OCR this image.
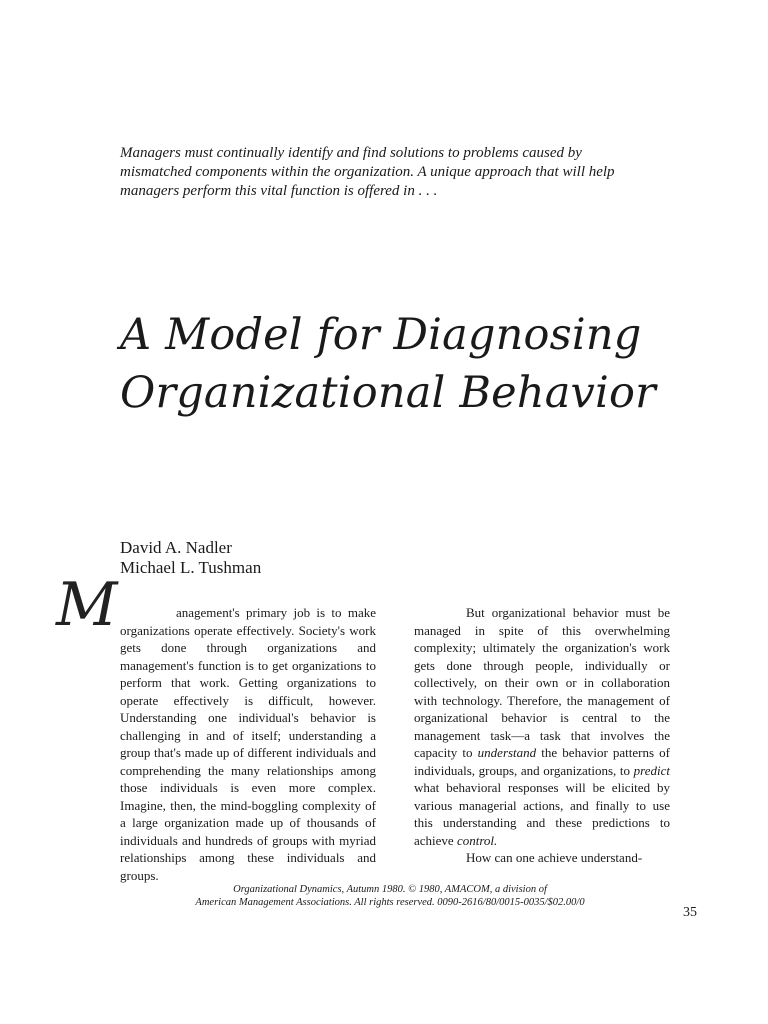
Managers must continually identify and find solutions to problems caused by mismatched components within the organization. A unique approach that will help managers perform this vital function is offered in . . .

A Model for Diagnosing
Organizational Behavior
David A. Nadler
Michael L. Tushman
M	anagement's primary job is to make organizations operate effectively. Society's work gets done through organizations and management's function is to get organizations to perform that work. Getting organizations to operate effectively is difficult, however. Understanding one individual's behavior is challenging in and of itself; understanding a group that's made up of different individuals and comprehending the many relationships among those individuals is even more complex. Imagine, then, the mind-boggling complexity of a large organization made up of thousands of individuals and hundreds of groups with myriad relationships among these individuals and groups.

But organizational behavior must be managed in spite of this overwhelming complexity; ultimately the organization's work gets done through people, individually or collectively, on their own or in collaboration with technology. Therefore, the management of organizational behavior is central to the management task—a task that involves the capacity to understand the behavior patterns of individuals, groups, and organizations, to predict what behavioral responses will be elicited by various managerial actions, and finally to use this understanding and these predictions to achieve control.

How can one achieve understand-

Organizational Dynamics, Autumn 1980. © 1980, AMACOM, a division of
American Management Associations. All rights reserved. 0090-2616/80/0015-0035/$02.00/0
35
